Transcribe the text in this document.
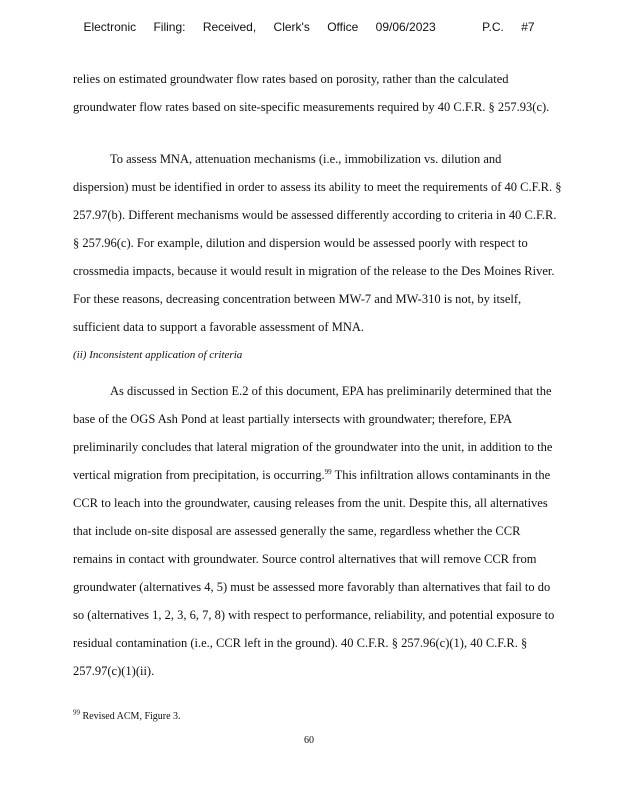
Electronic Filing: Received, Clerk's Office 09/06/2023	P.C. #7
relies on estimated groundwater flow rates based on porosity, rather than the calculated
groundwater flow rates based on site-specific measurements required by 40 C.F.R. § 257.93(c).
To assess MNA, attenuation mechanisms (i.e., immobilization vs. dilution and
dispersion) must be identified in order to assess its ability to meet the requirements of 40 C.F.R. §
257.97(b). Different mechanisms would be assessed differently according to criteria in 40 C.F.R.
§ 257.96(c). For example, dilution and dispersion would be assessed poorly with respect to
crossmedia impacts, because it would result in migration of the release to the Des Moines River.
For these reasons, decreasing concentration between MW-7 and MW-310 is not, by itself,
sufficient data to support a favorable assessment of MNA.
(ii) Inconsistent application of criteria
As discussed in Section E.2 of this document, EPA has preliminarily determined that the
base of the OGS Ash Pond at least partially intersects with groundwater; therefore, EPA
preliminarily concludes that lateral migration of the groundwater into the unit, in addition to the
vertical migration from precipitation, is occurring.$^{99}$ This infiltration allows contaminants in the
CCR to leach into the groundwater, causing releases from the unit. Despite this, all alternatives
that include on-site disposal are assessed generally the same, regardless whether the CCR
remains in contact with groundwater. Source control alternatives that will remove CCR from
groundwater (alternatives 4, 5) must be assessed more favorably than alternatives that fail to do
so (alternatives 1, 2, 3, 6, 7, 8) with respect to performance, reliability, and potential exposure to
residual contamination (i.e., CCR left in the ground). 40 C.F.R. § 257.96(c)(1), 40 C.F.R. §
257.97(c)(1)(ii).
$^{99}$ Revised ACM, Figure 3.
60
